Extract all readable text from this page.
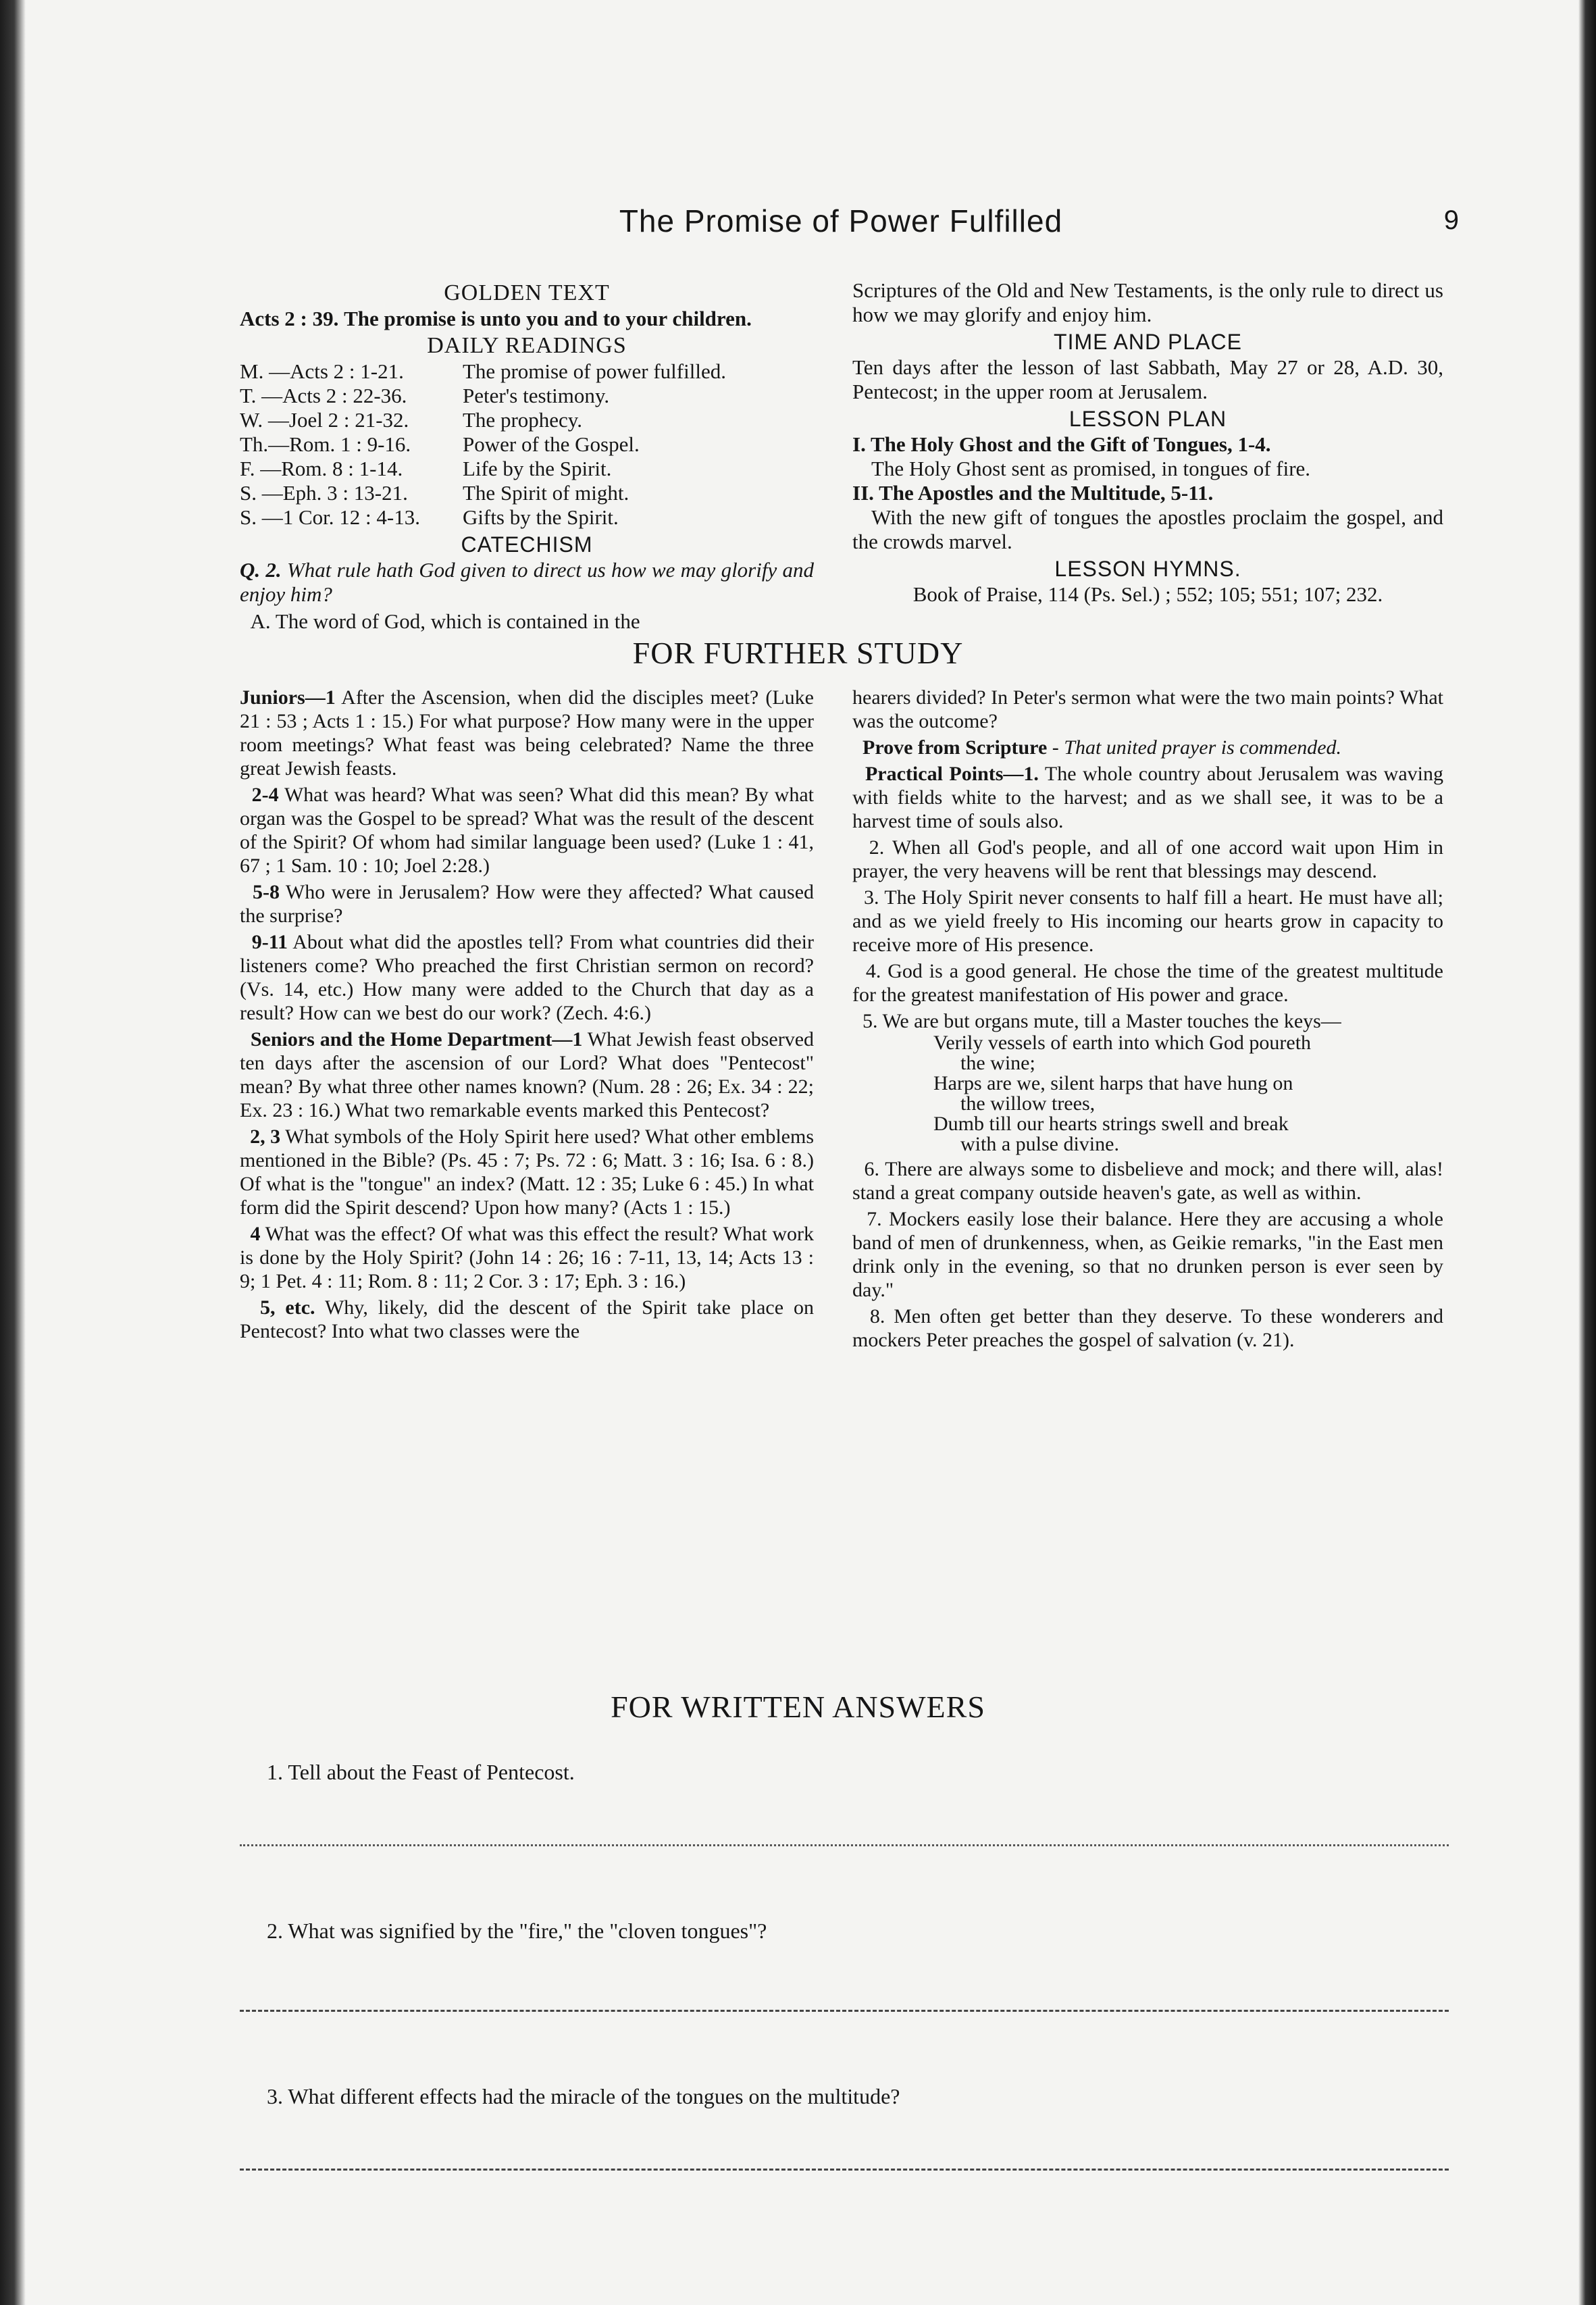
The Promise of Power Fulfilled	9
GOLDEN TEXT

Acts 2 : 39. The promise is unto you and to your children.

DAILY READINGS
M. —Acts 2 : 1-21.	The promise of power fulfilled.
T. —Acts 2 : 22-36.	Peter's testimony.
W. —Joel 2 : 21-32.	The prophecy.
Th.—Rom. 1 : 9-16.	Power of the Gospel.
F. —Rom. 8 : 1-14.	Life by the Spirit.
S. —Eph. 3 : 13-21.	The Spirit of might.
S. —1 Cor. 12 : 4-13.	Gifts by the Spirit.
CATECHISM

Q. 2. What rule hath God given to direct us how we may glorify and enjoy him?

A. The word of God, which is contained in the

Scriptures of the Old and New Testaments, is the only rule to direct us how we may glorify and enjoy him.

TIME AND PLACE

Ten days after the lesson of last Sabbath, May 27 or 28, A.D. 30, Pentecost; in the upper room at Jerusalem.

LESSON PLAN
I. The Holy Ghost and the Gift of Tongues, 1-4.
The Holy Ghost sent as promised, in tongues of fire.
II. The Apostles and the Multitude, 5-11.

With the new gift of tongues the apostles proclaim the gospel, and the crowds marvel.

LESSON HYMNS.
Book of Praise, 114 (Ps. Sel.) ; 552; 105; 551; 107; 232.
FOR FURTHER STUDY

Juniors—1 After the Ascension, when did the disciples meet? (Luke 21 : 53 ; Acts 1 : 15.) For what purpose? How many were in the upper room meetings? What feast was being celebrated? Name the three great Jewish feasts.

2-4 What was heard? What was seen? What did this mean? By what organ was the Gospel to be spread? What was the result of the descent of the Spirit? Of whom had similar language been used? (Luke 1 : 41, 67 ; 1 Sam. 10 : 10; Joel 2:28.)

5-8 Who were in Jerusalem? How were they affected? What caused the surprise?

9-11 About what did the apostles tell? From what countries did their listeners come? Who preached the first Christian sermon on record? (Vs. 14, etc.) How many were added to the Church that day as a result? How can we best do our work? (Zech. 4:6.)

Seniors and the Home Department—1 What Jewish feast observed ten days after the ascension of our Lord? What does "Pentecost" mean? By what three other names known? (Num. 28 : 26; Ex. 34 : 22; Ex. 23 : 16.) What two remarkable events marked this Pentecost?

2, 3 What symbols of the Holy Spirit here used? What other emblems mentioned in the Bible? (Ps. 45 : 7; Ps. 72 : 6; Matt. 3 : 16; Isa. 6 : 8.) Of what is the "tongue" an index? (Matt. 12 : 35; Luke 6 : 45.) In what form did the Spirit descend? Upon how many? (Acts 1 : 15.)

4 What was the effect? Of what was this effect the result? What work is done by the Holy Spirit? (John 14 : 26; 16 : 7-11, 13, 14; Acts 13 : 9; 1 Pet. 4 : 11; Rom. 8 : 11; 2 Cor. 3 : 17; Eph. 3 : 16.)

5, etc. Why, likely, did the descent of the Spirit take place on Pentecost? Into what two classes were the

hearers divided? In Peter's sermon what were the two main points? What was the outcome?

Prove from Scripture - That united prayer is commended.

Practical Points—1. The whole country about Jerusalem was waving with fields white to the harvest; and as we shall see, it was to be a harvest time of souls also.

2. When all God's people, and all of one accord wait upon Him in prayer, the very heavens will be rent that blessings may descend.

3. The Holy Spirit never consents to half fill a heart. He must have all; and as we yield freely to His incoming our hearts grow in capacity to receive more of His presence.

4. God is a good general. He chose the time of the greatest multitude for the greatest manifestation of His power and grace.

5. We are but organs mute, till a Master touches the keys—

Verily vessels of earth into which God poureth
the wine;
Harps are we, silent harps that have hung on
the willow trees,
Dumb till our hearts strings swell and break
with a pulse divine.

6. There are always some to disbelieve and mock; and there will, alas! stand a great company outside heaven's gate, as well as within.

7. Mockers easily lose their balance. Here they are accusing a whole band of men of drunkenness, when, as Geikie remarks, "in the East men drink only in the evening, so that no drunken person is ever seen by day."

8. Men often get better than they deserve. To these wonderers and mockers Peter preaches the gospel of salvation (v. 21).

FOR WRITTEN ANSWERS
1. Tell about the Feast of Pentecost.
2. What was signified by the "fire," the "cloven tongues"?
3. What different effects had the miracle of the tongues on the multitude?
